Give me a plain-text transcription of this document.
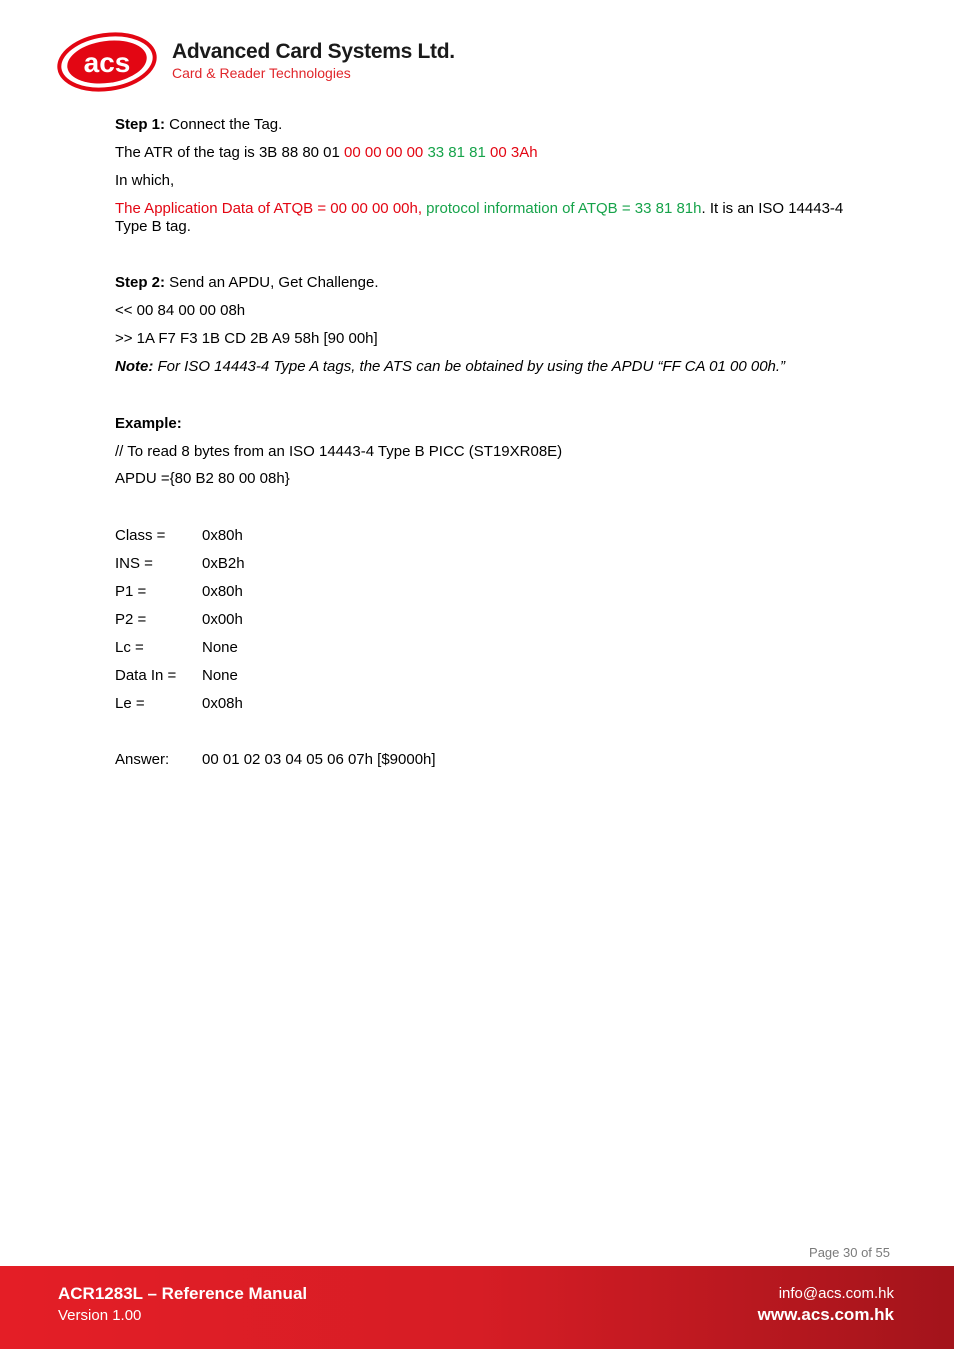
acs Advanced Card Systems Ltd.
Card & Reader Technologies

Step 1: Connect the Tag.

The ATR of the tag is 3B 88 80 01 00 00 00 00 33 81 81 00 3Ah

In which,

The Application Data of ATQB = 00 00 00 00h, protocol information of ATQB = 33 81 81h. It is an ISO 14443-4 Type B tag.

Step 2: Send an APDU, Get Challenge.

<< 00 84 00 00 08h

>> 1A F7 F3 1B CD 2B A9 58h [90 00h]

Note: For ISO 14443-4 Type A tags, the ATS can be obtained by using the APDU “FF CA 01 00 00h.”

Example:

// To read 8 bytes from an ISO 14443-4 Type B PICC (ST19XR08E)

APDU ={80 B2 80 00 08h}

Class = 0x80h

INS =	0xB2h

P1 =	0x80h

P2 =	0x00h

Lc =	None

Data In = None

Le =	0x08h

Answer: 00 01 02 03 04 05 06 07h [$9000h]

Page 30 of 55
ACR1283L – Reference Manual
Version 1.00
info@acs.com.hk
www.acs.com.hk
